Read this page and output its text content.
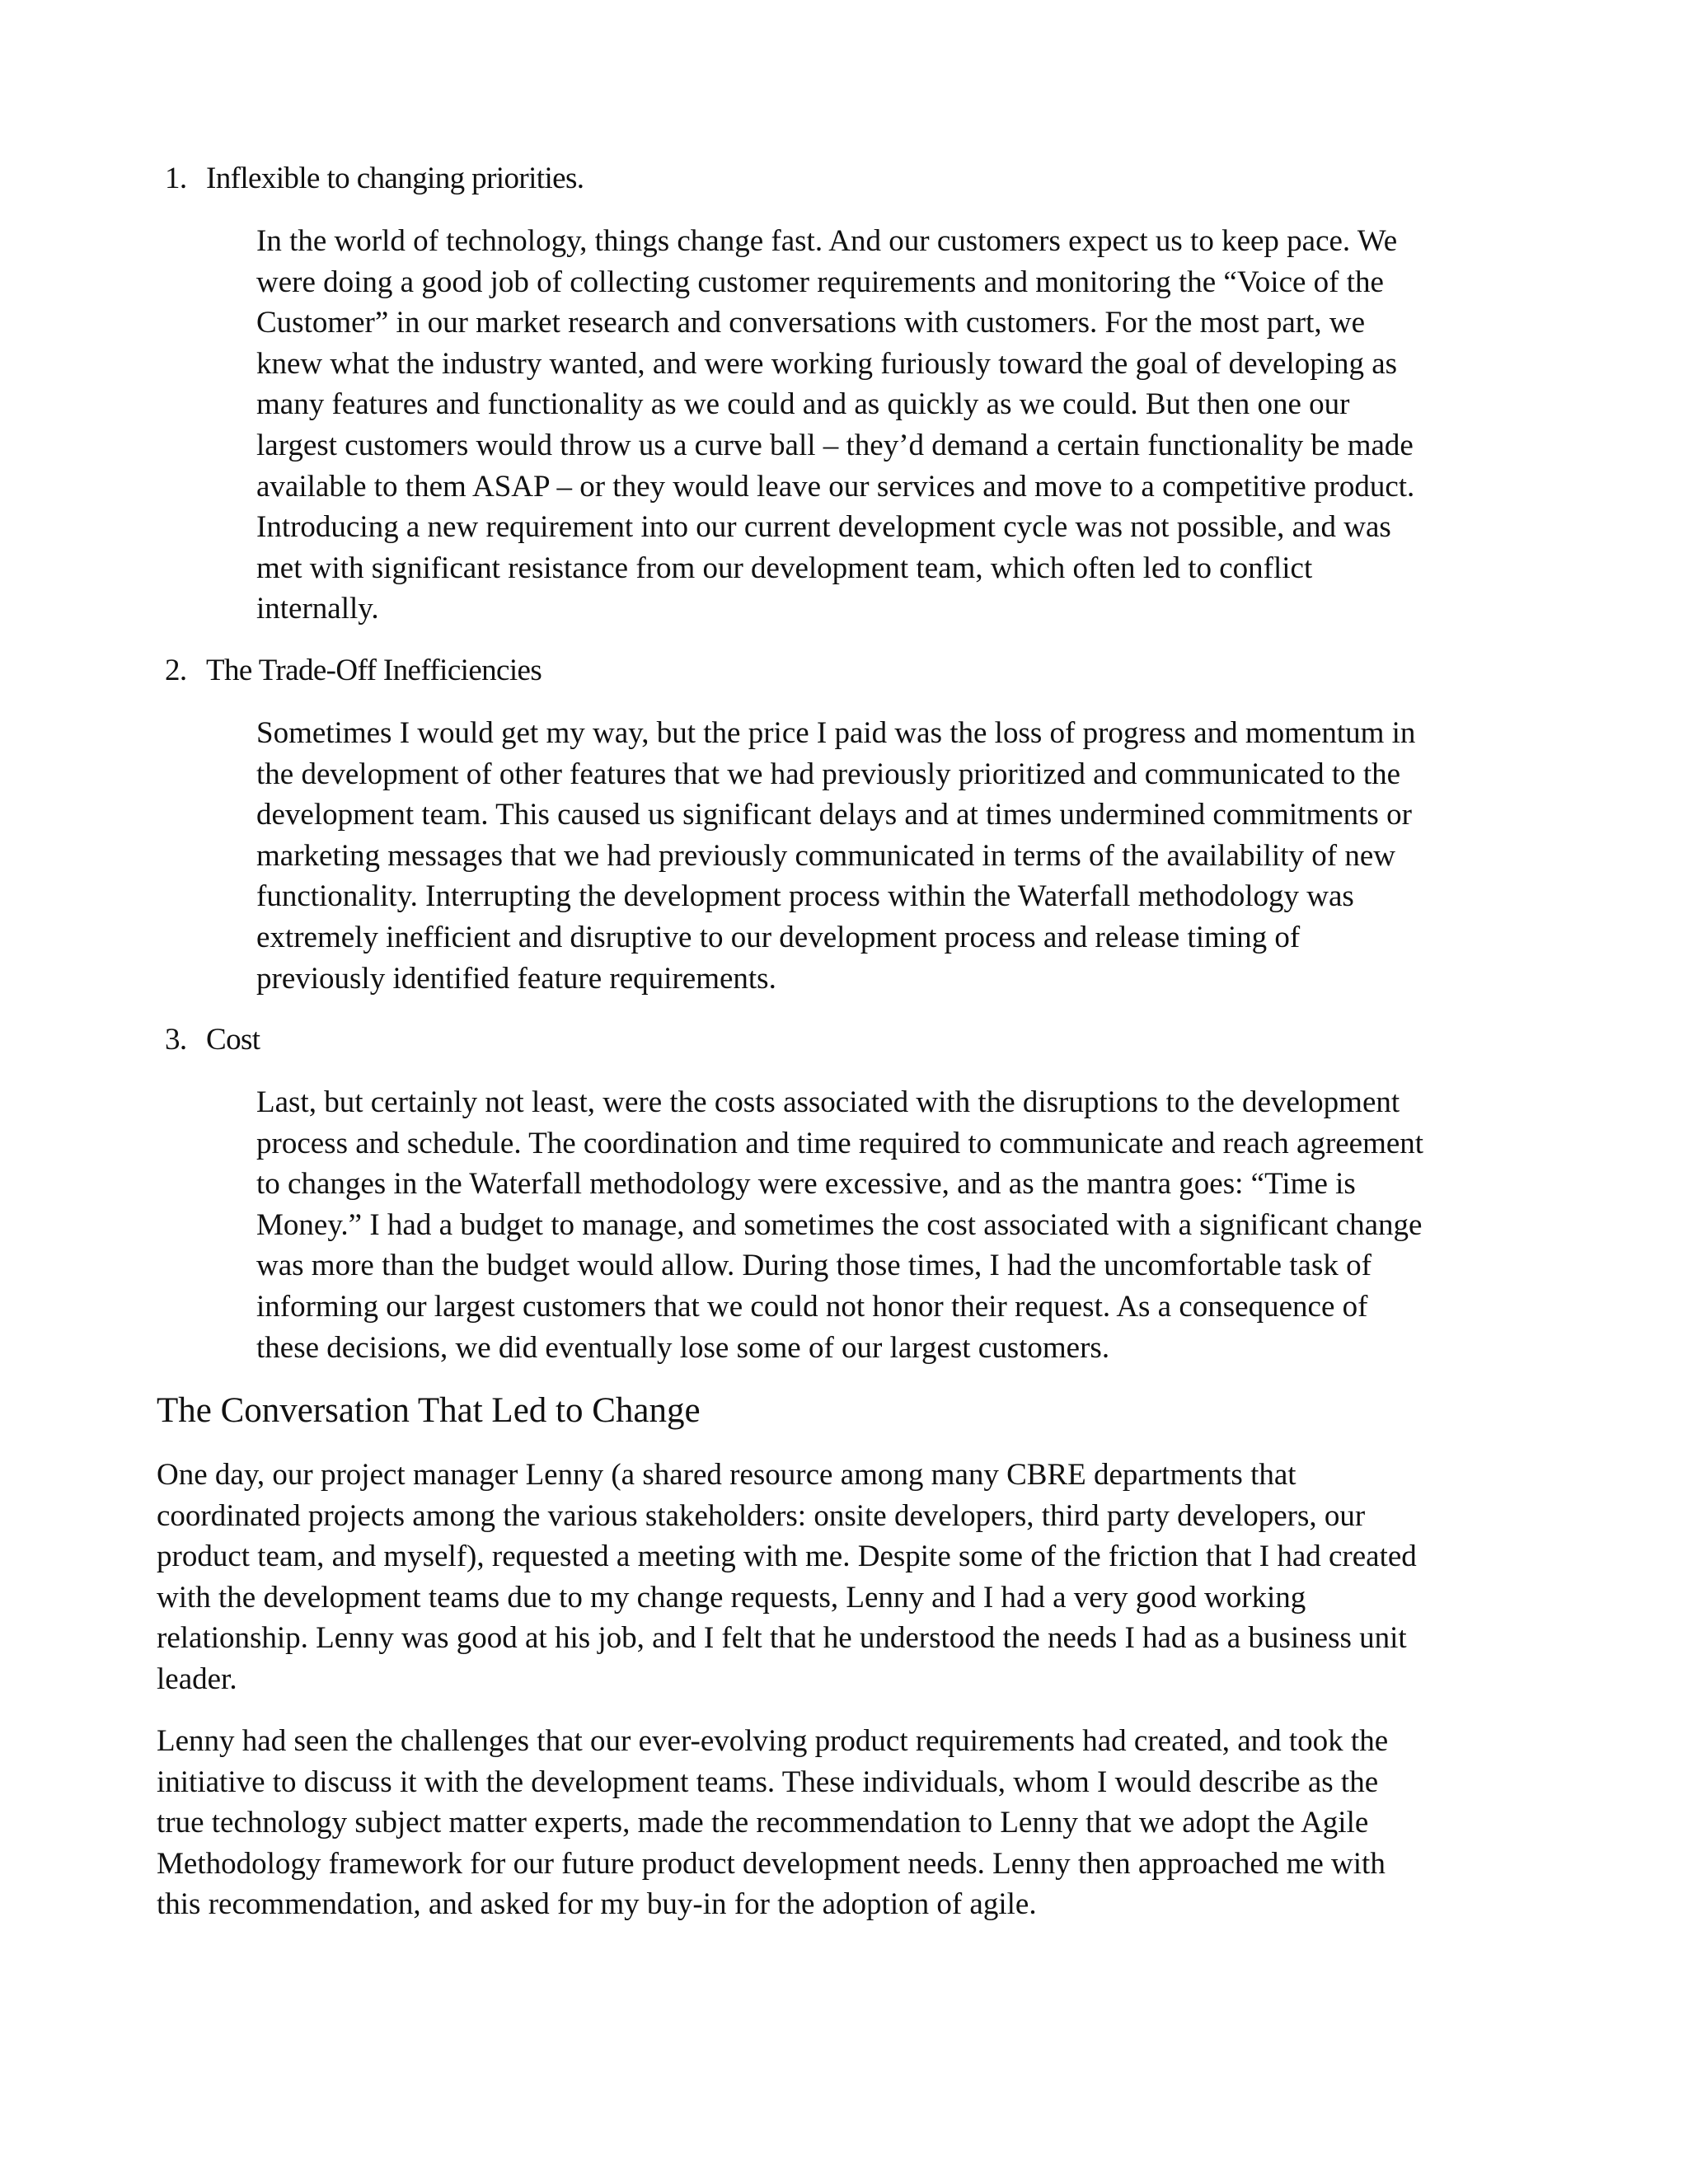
1. Inflexible to changing priorities.
In the world of technology, things change fast. And our customers expect us to keep pace. We
were doing a good job of collecting customer requirements and monitoring the “Voice of the
Customer” in our market research and conversations with customers. For the most part, we
knew what the industry wanted, and were working furiously toward the goal of developing as
many features and functionality as we could and as quickly as we could. But then one our
largest customers would throw us a curve ball – they’d demand a certain functionality be made
available to them ASAP – or they would leave our services and move to a competitive product.
Introducing a new requirement into our current development cycle was not possible, and was
met with significant resistance from our development team, which often led to conflict
internally.
2. The Trade-Off Inefficiencies
Sometimes I would get my way, but the price I paid was the loss of progress and momentum in
the development of other features that we had previously prioritized and communicated to the
development team. This caused us significant delays and at times undermined commitments or
marketing messages that we had previously communicated in terms of the availability of new
functionality. Interrupting the development process within the Waterfall methodology was
extremely inefficient and disruptive to our development process and release timing of
previously identified feature requirements.
3. Cost
Last, but certainly not least, were the costs associated with the disruptions to the development
process and schedule. The coordination and time required to communicate and reach agreement
to changes in the Waterfall methodology were excessive, and as the mantra goes: “Time is
Money.” I had a budget to manage, and sometimes the cost associated with a significant change
was more than the budget would allow. During those times, I had the uncomfortable task of
informing our largest customers that we could not honor their request. As a consequence of
these decisions, we did eventually lose some of our largest customers.
The Conversation That Led to Change
One day, our project manager Lenny (a shared resource among many CBRE departments that
coordinated projects among the various stakeholders: onsite developers, third party developers, our
product team, and myself), requested a meeting with me. Despite some of the friction that I had created
with the development teams due to my change requests, Lenny and I had a very good working
relationship. Lenny was good at his job, and I felt that he understood the needs I had as a business unit
leader.
Lenny had seen the challenges that our ever-evolving product requirements had created, and took the
initiative to discuss it with the development teams. These individuals, whom I would describe as the
true technology subject matter experts, made the recommendation to Lenny that we adopt the Agile
Methodology framework for our future product development needs. Lenny then approached me with
this recommendation, and asked for my buy-in for the adoption of agile.
